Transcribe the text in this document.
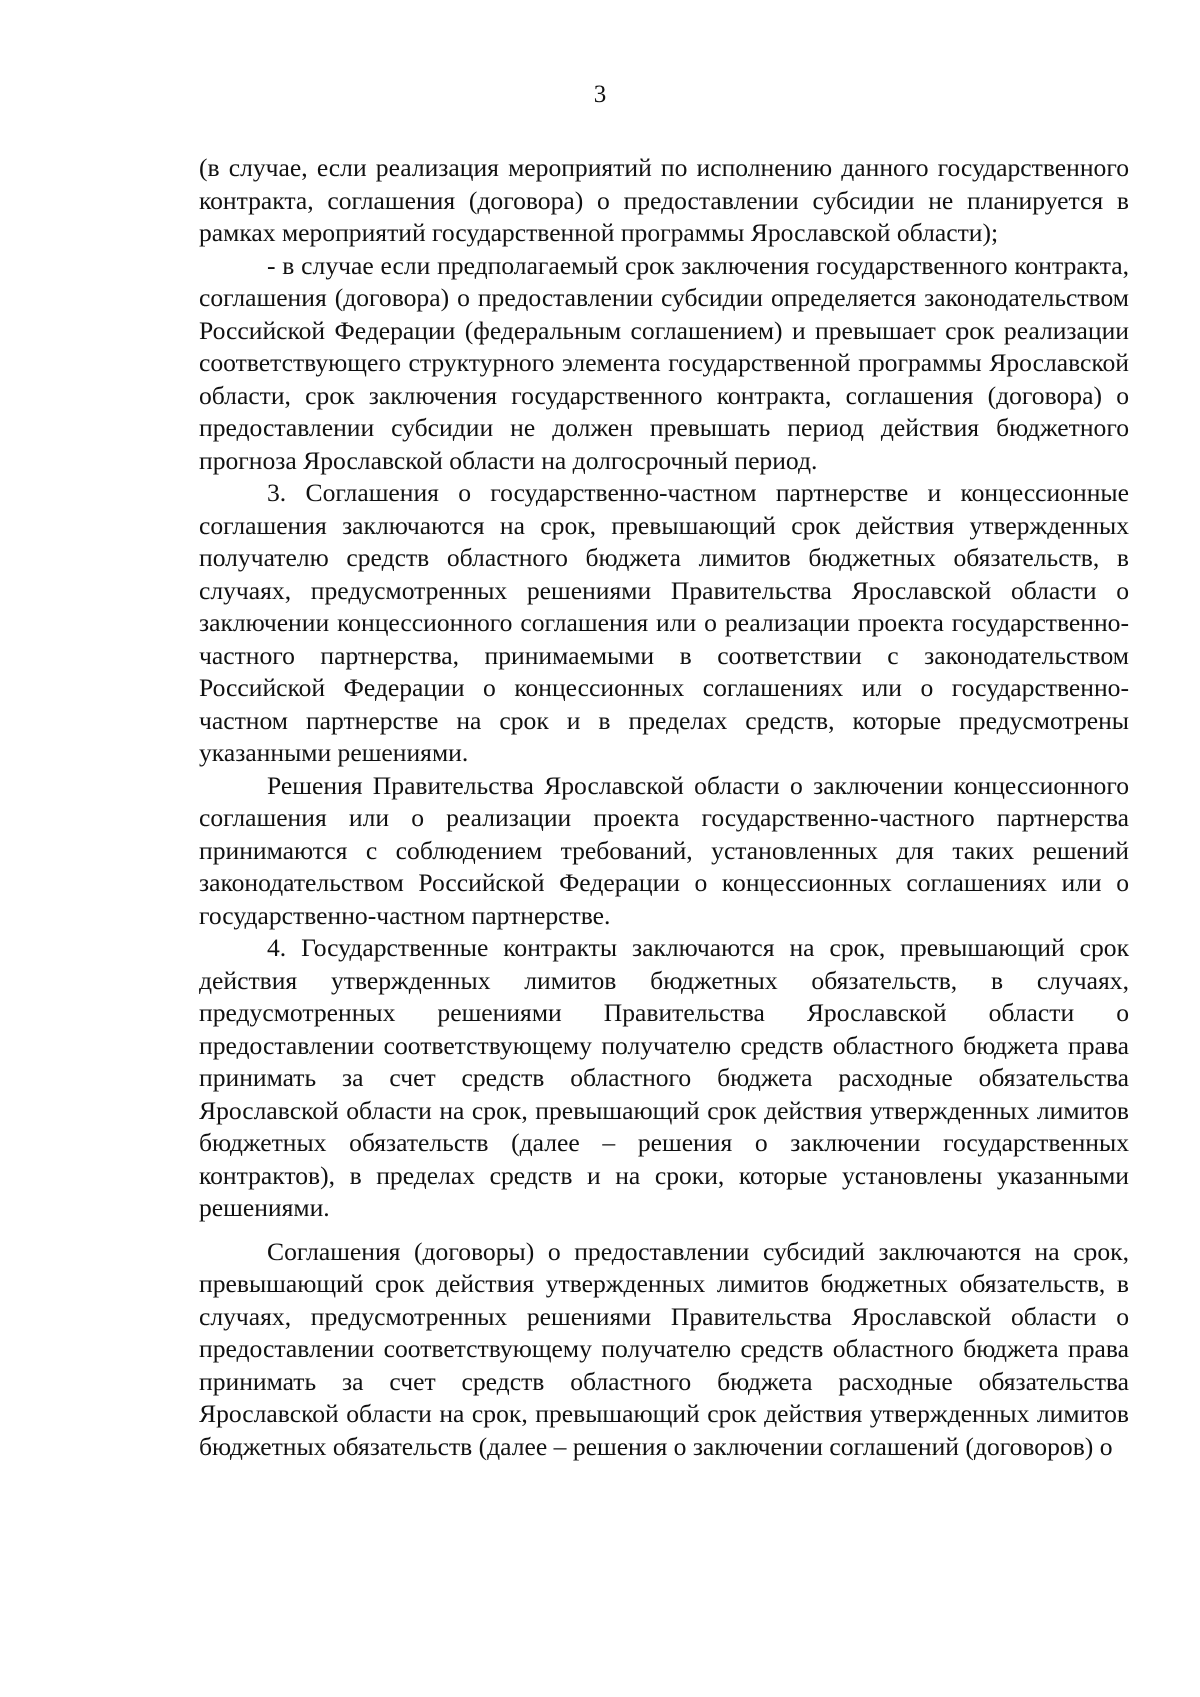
3

(в случае, если реализация мероприятий по исполнению данного государственного контракта, соглашения (договора) о предоставлении субсидии не планируется в рамках мероприятий государственной программы Ярославской области);

- в случае если предполагаемый срок заключения государственного контракта, соглашения (договора) о предоставлении субсидии определяется законодательством Российской Федерации (федеральным соглашением) и превышает срок реализации соответствующего структурного элемента государственной программы Ярославской области, срок заключения государственного контракта, соглашения (договора) о предоставлении субсидии не должен превышать период действия бюджетного прогноза Ярославской области на долгосрочный период.

3. Соглашения о государственно-частном партнерстве и концессионные соглашения заключаются на срок, превышающий срок действия утвержденных получателю средств областного бюджета лимитов бюджетных обязательств, в случаях, предусмотренных решениями Правительства Ярославской области о заключении концессионного соглашения или о реализации проекта государственно-частного партнерства, принимаемыми в соответствии с законодательством Российской Федерации о концессионных соглашениях или о государственно-частном партнерстве на срок и в пределах средств, которые предусмотрены указанными решениями.

Решения Правительства Ярославской области о заключении концессионного соглашения или о реализации проекта государственно-частного партнерства принимаются с соблюдением требований, установленных для таких решений законодательством Российской Федерации о концессионных соглашениях или о государственно-частном партнерстве.

4. Государственные контракты заключаются на срок, превышающий срок действия утвержденных лимитов бюджетных обязательств, в случаях, предусмотренных решениями Правительства Ярославской области о предоставлении соответствующему получателю средств областного бюджета права принимать за счет средств областного бюджета расходные обязательства Ярославской области на срок, превышающий срок действия утвержденных лимитов бюджетных обязательств (далее – решения о заключении государственных контрактов), в пределах средств и на сроки, которые установлены указанными решениями.

Соглашения (договоры) о предоставлении субсидий заключаются на срок, превышающий срок действия утвержденных лимитов бюджетных обязательств, в случаях, предусмотренных решениями Правительства Ярославской области о предоставлении соответствующему получателю средств областного бюджета права принимать за счет средств областного бюджета расходные обязательства Ярославской области на срок, превышающий срок действия утвержденных лимитов бюджетных обязательств (далее – решения о заключении соглашений (договоров) о
